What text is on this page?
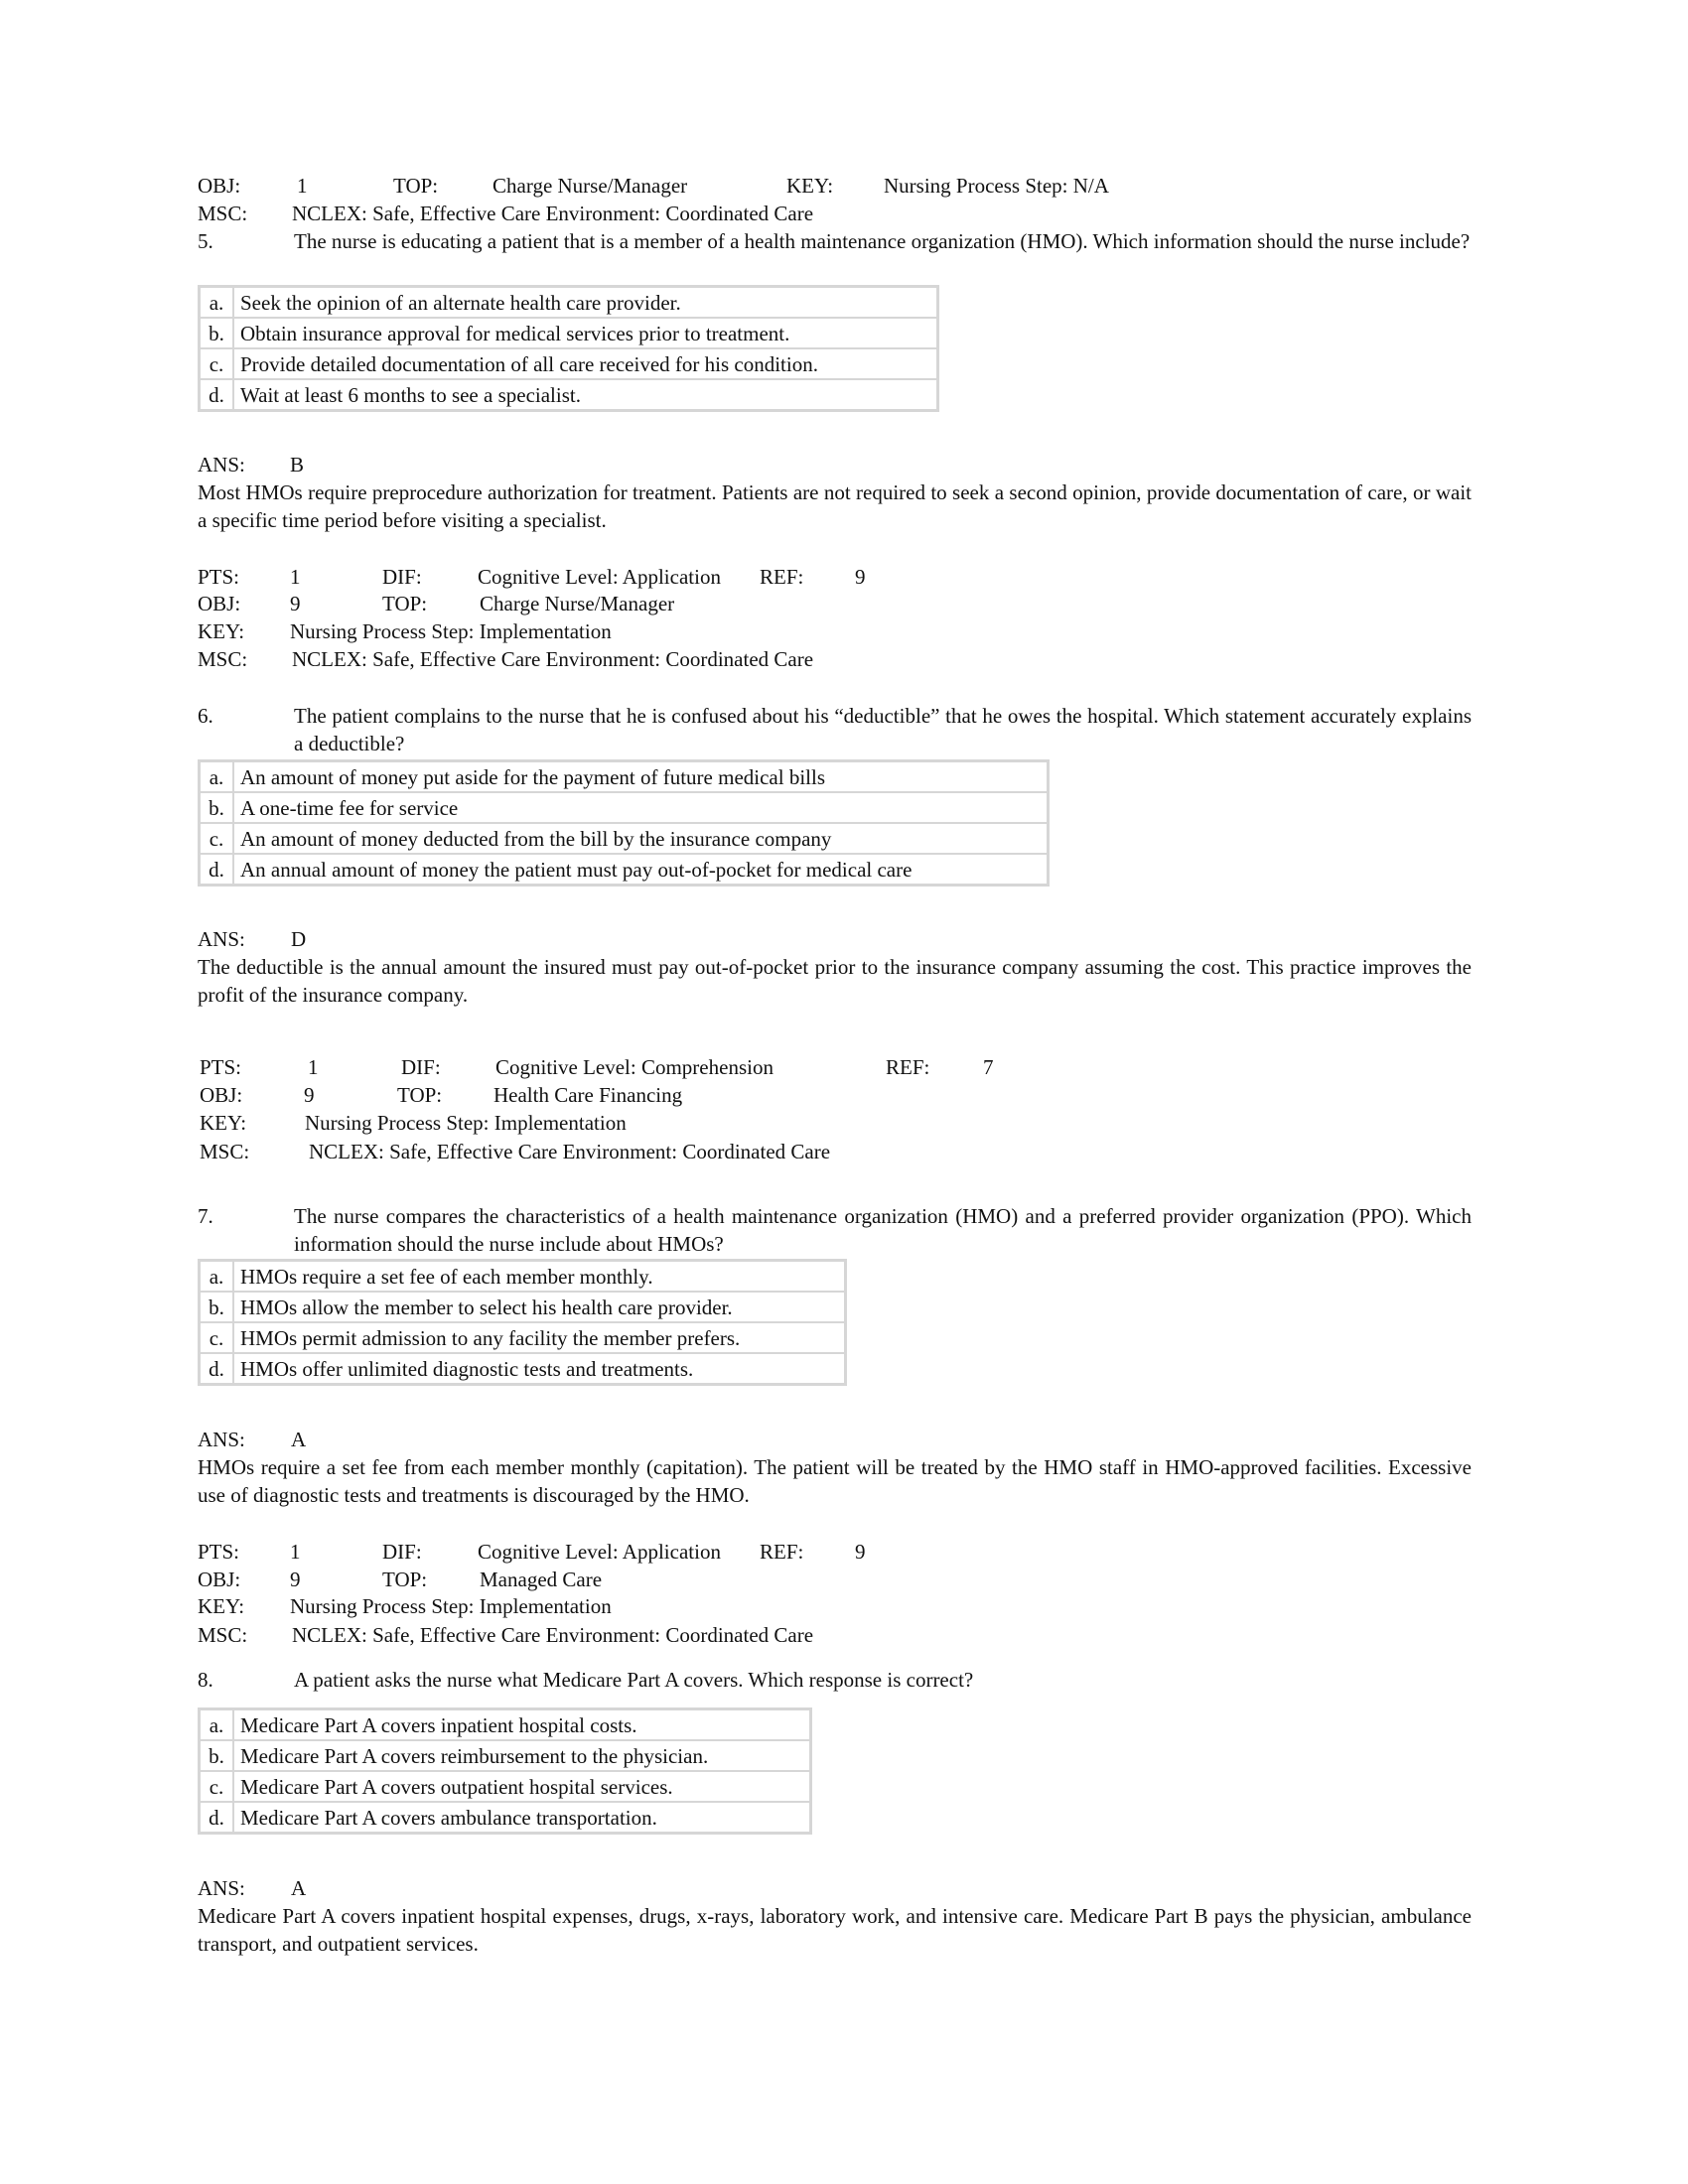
OBJ:	1	TOP:	Charge Nurse/Manager	KEY: Nursing Process Step: N/A
MSC: NCLEX: Safe, Effective Care Environment: Coordinated Care
5.	The nurse is educating a patient that is a member of a health maintenance organization (HMO). Which information should the nurse include?
a.	Seek the opinion of an alternate health care provider.
b.	Obtain insurance approval for medical services prior to treatment.
c.	Provide detailed documentation of all care received for his condition.
d.	Wait at least 6 months to see a specialist.
ANS: B
Most HMOs require preprocedure authorization for treatment. Patients are not required to seek a second opinion, provide documentation of care, or wait a specific time period before visiting a specialist.
PTS: 1	DIF:	Cognitive Level: Application REF: 9
OBJ: 9	TOP:	Charge Nurse/Manager
KEY: Nursing Process Step: Implementation
MSC: NCLEX: Safe, Effective Care Environment: Coordinated Care
6.	The patient complains to the nurse that he is confused about his “deductible” that he owes the hospital. Which statement accurately explains a deductible?
a.	An amount of money put aside for the payment of future medical bills
b.	A one-time fee for service
c.	An amount of money deducted from the bill by the insurance company
d.	An annual amount of money the patient must pay out-of-pocket for medical care
ANS: D
The deductible is the annual amount the insured must pay out-of-pocket prior to the insurance company assuming the cost. This practice improves the profit of the insurance company.
PTS:	1	DIF:	Cognitive Level: Comprehension	REF:	7
OBJ:	9	TOP: Health Care Financing
KEY:	Nursing Process Step: Implementation
MSC:	NCLEX: Safe, Effective Care Environment: Coordinated Care
7.	The nurse compares the characteristics of a health maintenance organization (HMO) and a preferred provider organization (PPO). Which information should the nurse include about HMOs?
a.	HMOs require a set fee of each member monthly.
b.	HMOs allow the member to select his health care provider.
c.	HMOs permit admission to any facility the member prefers.
d.	HMOs offer unlimited diagnostic tests and treatments.
ANS: A
HMOs require a set fee from each member monthly (capitation). The patient will be treated by the HMO staff in HMO-approved facilities. Excessive use of diagnostic tests and treatments is discouraged by the HMO.
PTS: 1	DIF:	Cognitive Level: Application REF: 9
OBJ: 9	TOP:	Managed Care
KEY: Nursing Process Step: Implementation
MSC: NCLEX: Safe, Effective Care Environment: Coordinated Care
8.	A patient asks the nurse what Medicare Part A covers. Which response is correct?
a.	Medicare Part A covers inpatient hospital costs.
b.	Medicare Part A covers reimbursement to the physician.
c.	Medicare Part A covers outpatient hospital services.
d.	Medicare Part A covers ambulance transportation.
ANS: A
Medicare Part A covers inpatient hospital expenses, drugs, x-rays, laboratory work, and intensive care. Medicare Part B pays the physician, ambulance transport, and outpatient services.
